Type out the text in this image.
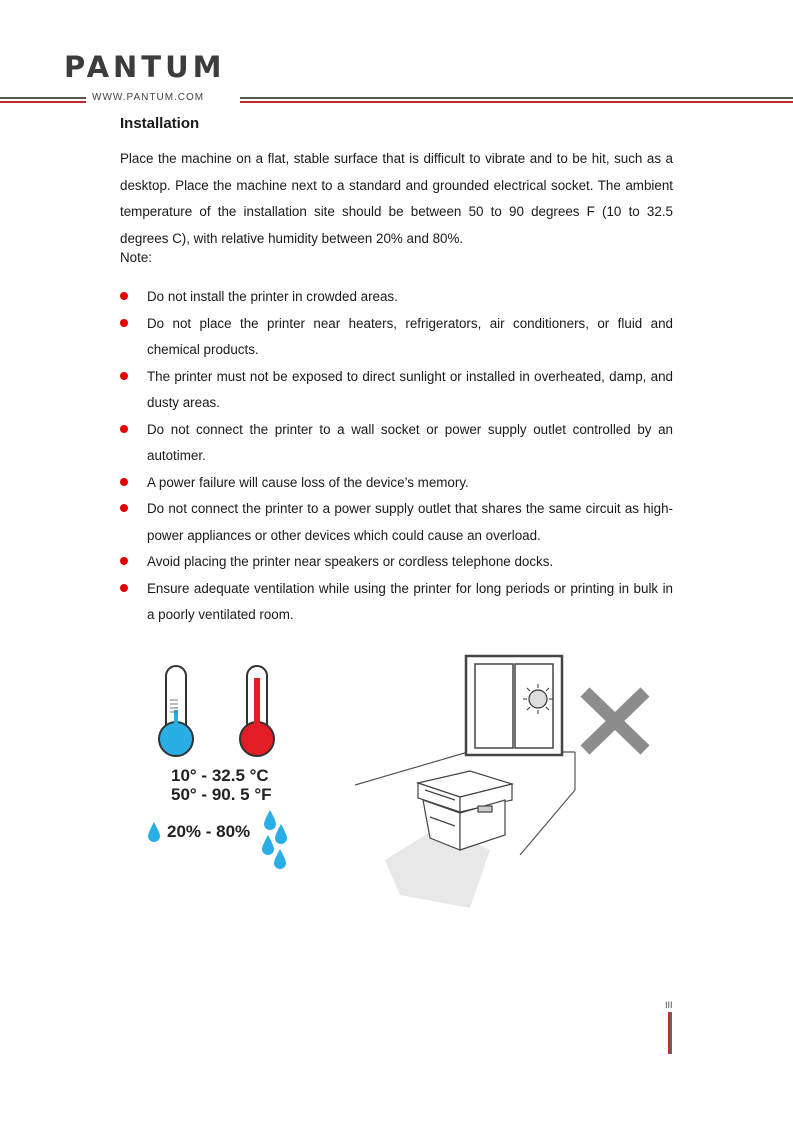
PANTUM
WWW.PANTUM.COM
Installation

Place the machine on a flat, stable surface that is difficult to vibrate and to be hit, such as a desktop. Place the machine next to a standard and grounded electrical socket. The ambient temperature of the installation site should be between 50 to 90 degrees F (10 to 32.5 degrees C), with relative humidity between 20% and 80%.

Note:
Do not install the printer in crowded areas.
Do not place the printer near heaters, refrigerators, air conditioners, or fluid and chemical products.
The printer must not be exposed to direct sunlight or installed in overheated, damp, and dusty areas.
Do not connect the printer to a wall socket or power supply outlet controlled by an autotimer.
A power failure will cause loss of the device’s memory.
Do not connect the printer to a power supply outlet that shares the same circuit as high-power appliances or other devices which could cause an overload.
Avoid placing the printer near speakers or cordless telephone docks.
Ensure adequate ventilation while using the printer for long periods or printing in bulk in a poorly ventilated room.
10° - 32.5 °C
50° - 90. 5 °F
20% - 80%
III
